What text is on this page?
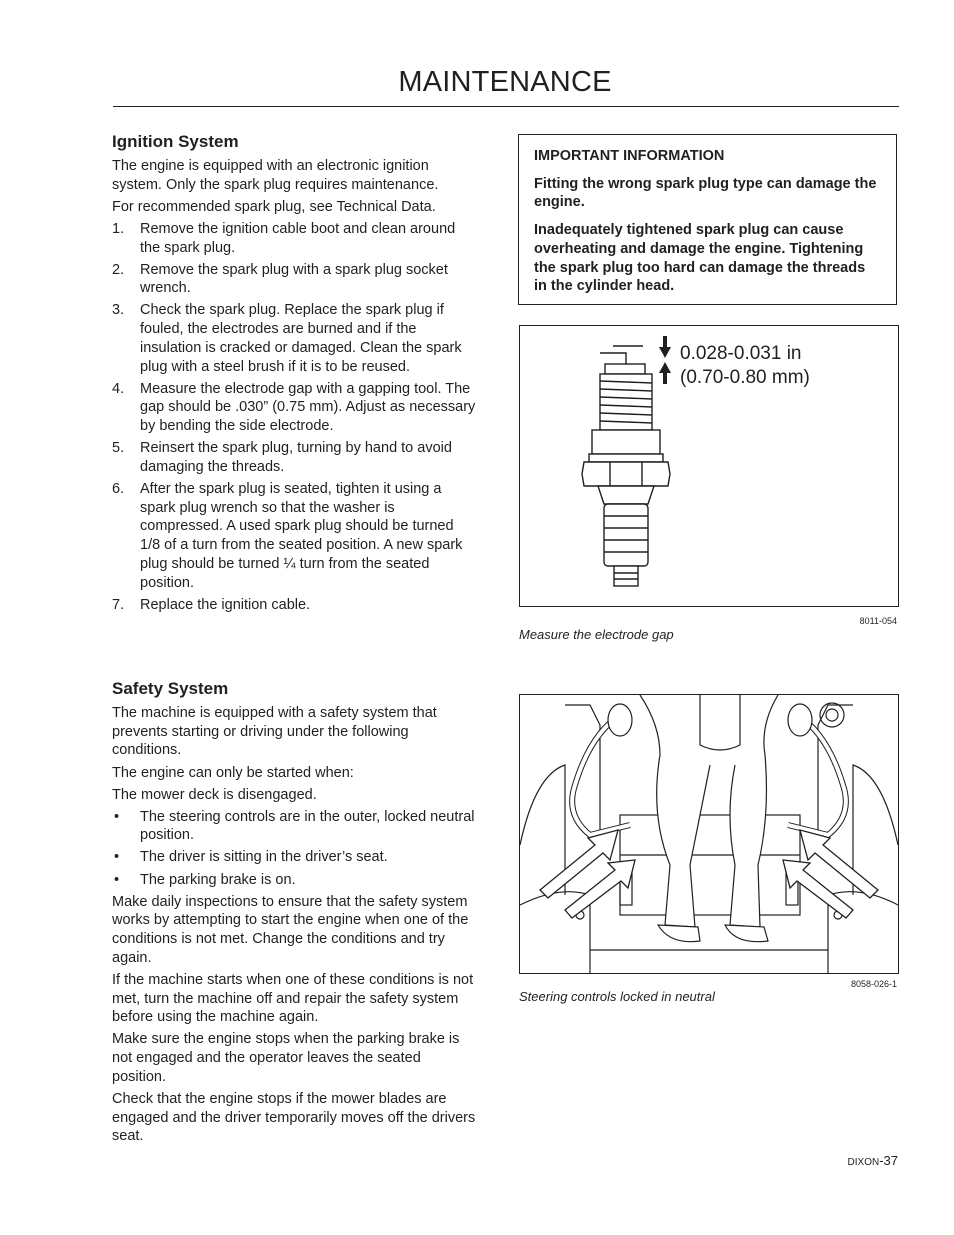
MAINTENANCE
Ignition System

The engine is equipped with an electronic ignition system. Only the spark plug requires maintenance.

For recommended spark plug, see Technical Data.

1. Remove the ignition cable boot and clean around the spark plug.
2. Remove the spark plug with a spark plug socket wrench.
3. Check the spark plug. Replace the spark plug if fouled, the electrodes are burned and if the insulation is cracked or damaged. Clean the spark plug with a steel brush if it is to be reused.
4. Measure the electrode gap with a gapping tool. The gap should be .030” (0.75 mm). Adjust as necessary by bending the side electrode.
5. Reinsert the spark plug, turning by hand to avoid damaging the threads.
6. After the spark plug is seated, tighten it using a spark plug wrench so that the washer is compressed. A used spark plug should be turned 1/8 of a turn from the seated position. A new spark plug should be turned ¼ turn from the seated position.
7. Replace the ignition cable.

IMPORTANT INFORMATION

Fitting the wrong spark plug type can damage the engine.

Inadequately tightened spark plug can cause overheating and damage the engine. Tightening the spark plug too hard can damage the threads in the cylinder head.

0.028-0.031 in
(0.70-0.80 mm)
8011-054
Measure the electrode gap
Safety System

The machine is equipped with a safety system that prevents starting or driving under the following conditions.

The engine can only be started when:

The mower deck is disengaged.

• The steering controls are in the outer, locked neutral position.
• The driver is sitting in the driver’s seat.
• The parking brake is on.

Make daily inspections to ensure that the safety system works by attempting to start the engine when one of the conditions is not met. Change the conditions and try again.

If the machine starts when one of these conditions is not met, turn the machine off and repair the safety system before using the machine again.

Make sure the engine stops when the parking brake is not engaged and the operator leaves the seated position.

Check that the engine stops if the mower blades are engaged and the driver temporarily moves off the drivers seat.

8058-026-1
Steering controls locked in neutral
DIXON-37
